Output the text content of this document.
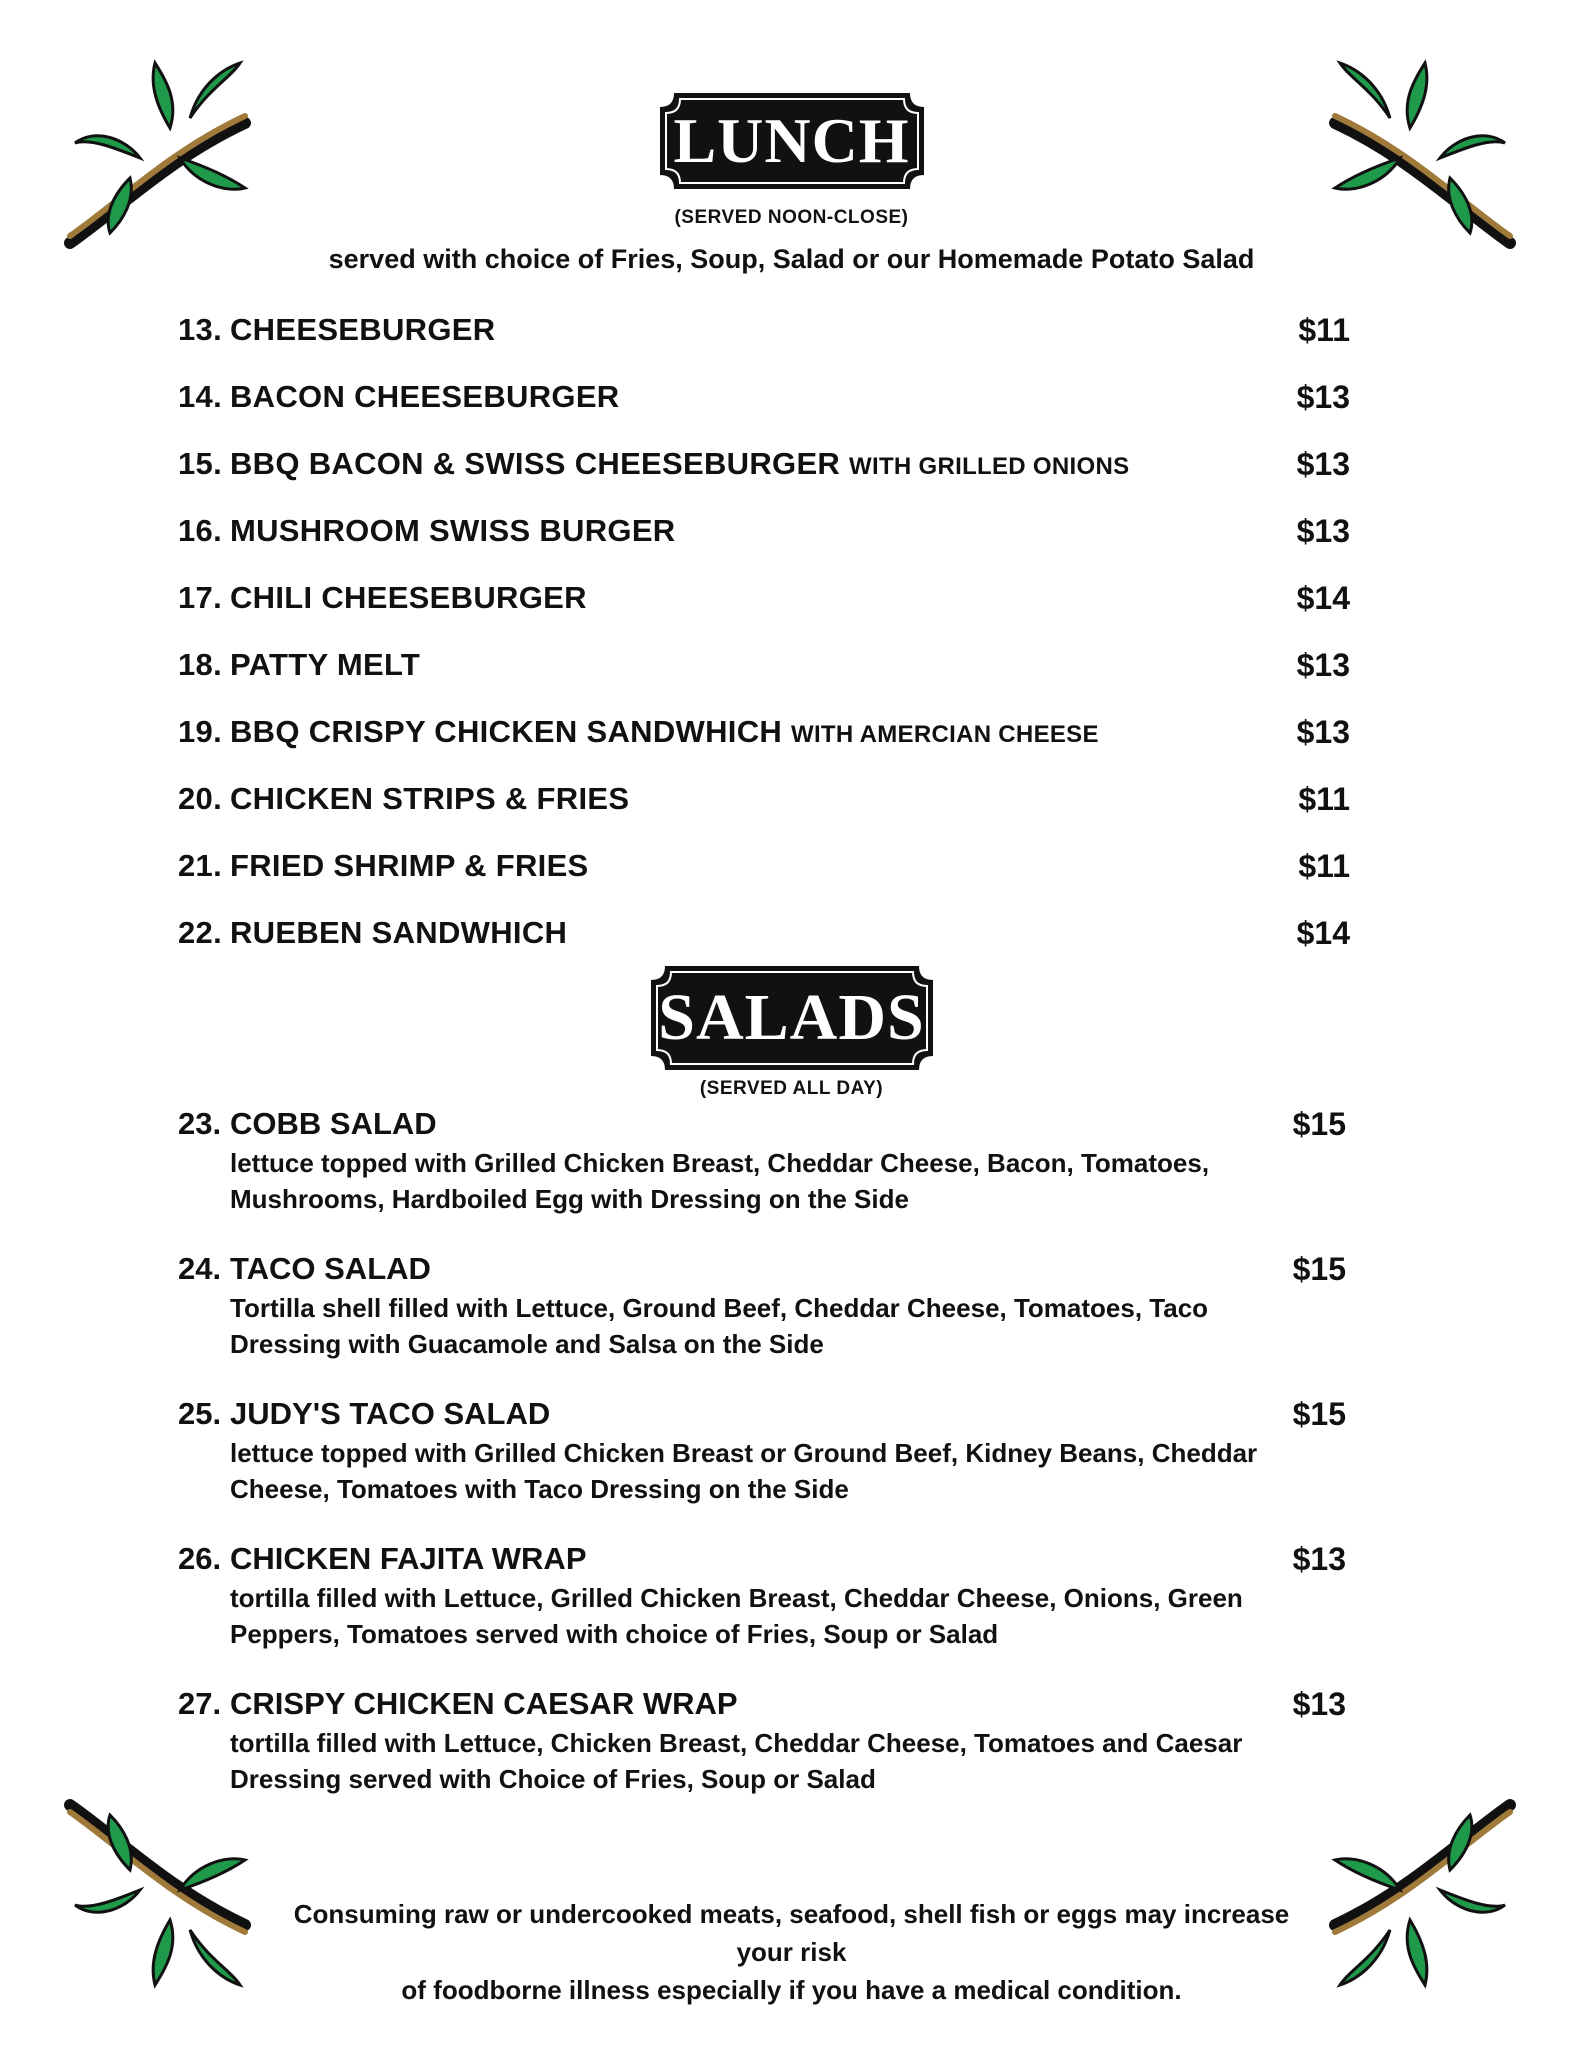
LUNCH
(SERVED NOON-CLOSE)
served with choice of Fries, Soup, Salad or our Homemade Potato Salad
13. CHEESEBURGER	$11
14. BACON CHEESEBURGER	$13
15. BBQ BACON & SWISS CHEESEBURGER WITH GRILLED ONIONS	$13
16. MUSHROOM SWISS BURGER	$13
17. CHILI CHEESEBURGER	$14
18. PATTY MELT	$13
19. BBQ CRISPY CHICKEN SANDWHICH WITH AMERCIAN CHEESE	$13
20. CHICKEN STRIPS & FRIES	$11
21. FRIED SHRIMP & FRIES	$11
22. RUEBEN SANDWHICH	$14
SALADS
(SERVED ALL DAY)
23. COBB SALAD	$15
lettuce topped with Grilled Chicken Breast, Cheddar Cheese, Bacon, Tomatoes, Mushrooms, Hardboiled Egg with Dressing on the Side
24. TACO SALAD	$15
Tortilla shell filled with Lettuce, Ground Beef, Cheddar Cheese, Tomatoes, Taco Dressing with Guacamole and Salsa on the Side
25. JUDY'S TACO SALAD	$15
lettuce topped with Grilled Chicken Breast or Ground Beef, Kidney Beans, Cheddar Cheese, Tomatoes with Taco Dressing on the Side
26. CHICKEN FAJITA WRAP	$13
tortilla filled with Lettuce, Grilled Chicken Breast, Cheddar Cheese, Onions, Green Peppers, Tomatoes served with choice of Fries, Soup or Salad
27. CRISPY CHICKEN CAESAR WRAP	$13
tortilla filled with Lettuce, Chicken Breast, Cheddar Cheese, Tomatoes and Caesar Dressing served with Choice of Fries, Soup or Salad
Consuming raw or undercooked meats, seafood, shell fish or eggs may increase your risk
of foodborne illness especially if you have a medical condition.
